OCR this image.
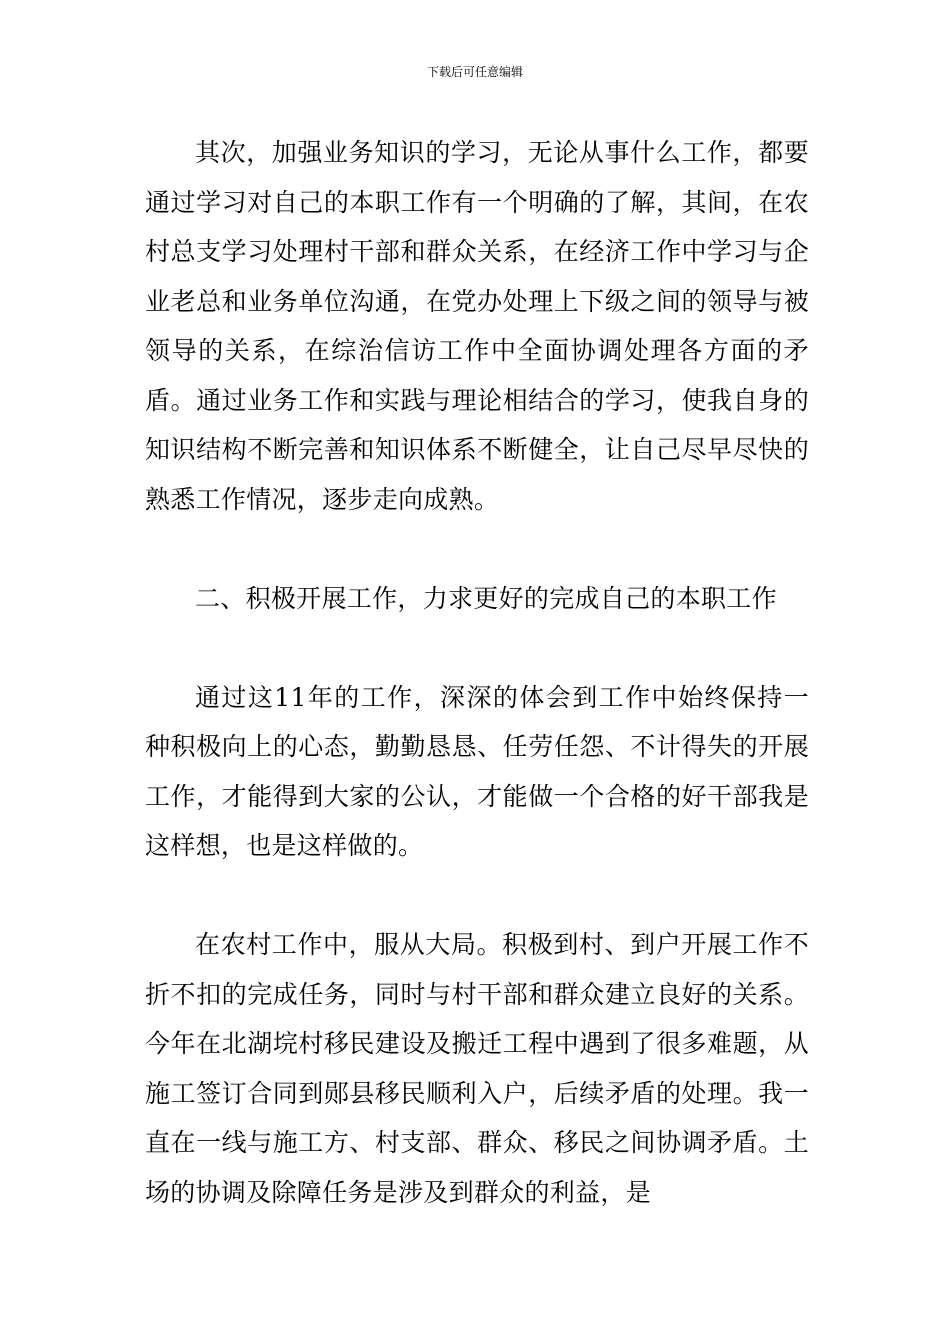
下载后可任意编辑

其次，加强业务知识的学习，无论从事什么工作，都要通过学习对自己的本职工作有一个明确的了解，其间，在农村总支学习处理村干部和群众关系，在经济工作中学习与企业老总和业务单位沟通，在党办处理上下级之间的领导与被领导的关系，在综治信访工作中全面协调处理各方面的矛盾。通过业务工作和实践与理论相结合的学习，使我自身的知识结构不断完善和知识体系不断健全，让自己尽早尽快的熟悉工作情况，逐步走向成熟。

二、积极开展工作，力求更好的完成自己的本职工作

通过这11年的工作，深深的体会到工作中始终保持一种积极向上的心态，勤勤恳恳、任劳任怨、不计得失的开展工作，才能得到大家的公认，才能做一个合格的好干部我是这样想，也是这样做的。

在农村工作中，服从大局。积极到村、到户开展工作不折不扣的完成任务，同时与村干部和群众建立良好的关系。今年在北湖垸村移民建设及搬迁工程中遇到了很多难题，从施工签订合同到郧县移民顺利入户，后续矛盾的处理。我一直在一线与施工方、村支部、群众、移民之间协调矛盾。土场的协调及除障任务是涉及到群众的利益，是
